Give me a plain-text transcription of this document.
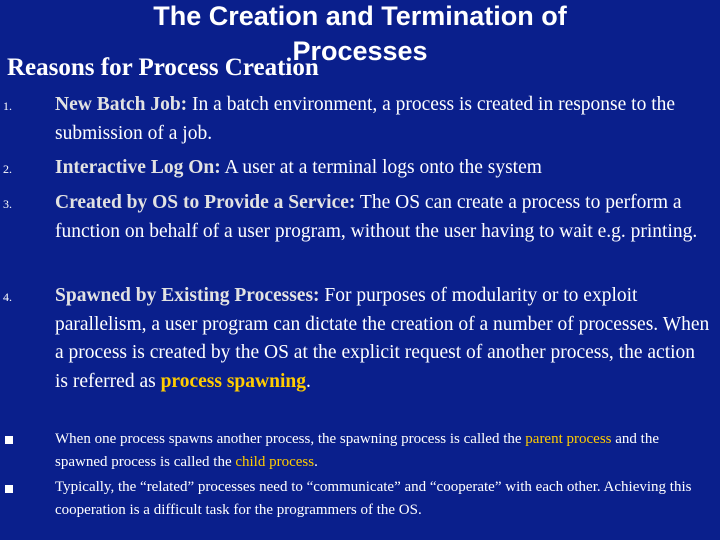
The Creation and Termination of
Processes
Reasons for Process Creation
1.	New Batch Job: In a batch environment, a process is created in response to the submission of a job.
2.	Interactive Log On: A user at a terminal logs onto the system
3.	Created by OS to Provide a Service: The OS can create a process to perform a function on behalf of a user program, without the user having to wait e.g. printing.
4.	Spawned by Existing Processes: For purposes of modularity or to exploit parallelism, a user program can dictate the creation of a number of processes. When a process is created by the OS at the explicit request of another process, the action is referred as process spawning.
When one process spawns another process, the spawning process is called the parent process and the spawned process is called the child process.
Typically, the “related” processes need to “communicate” and “cooperate” with each other. Achieving this cooperation is a difficult task for the programmers of the OS.
